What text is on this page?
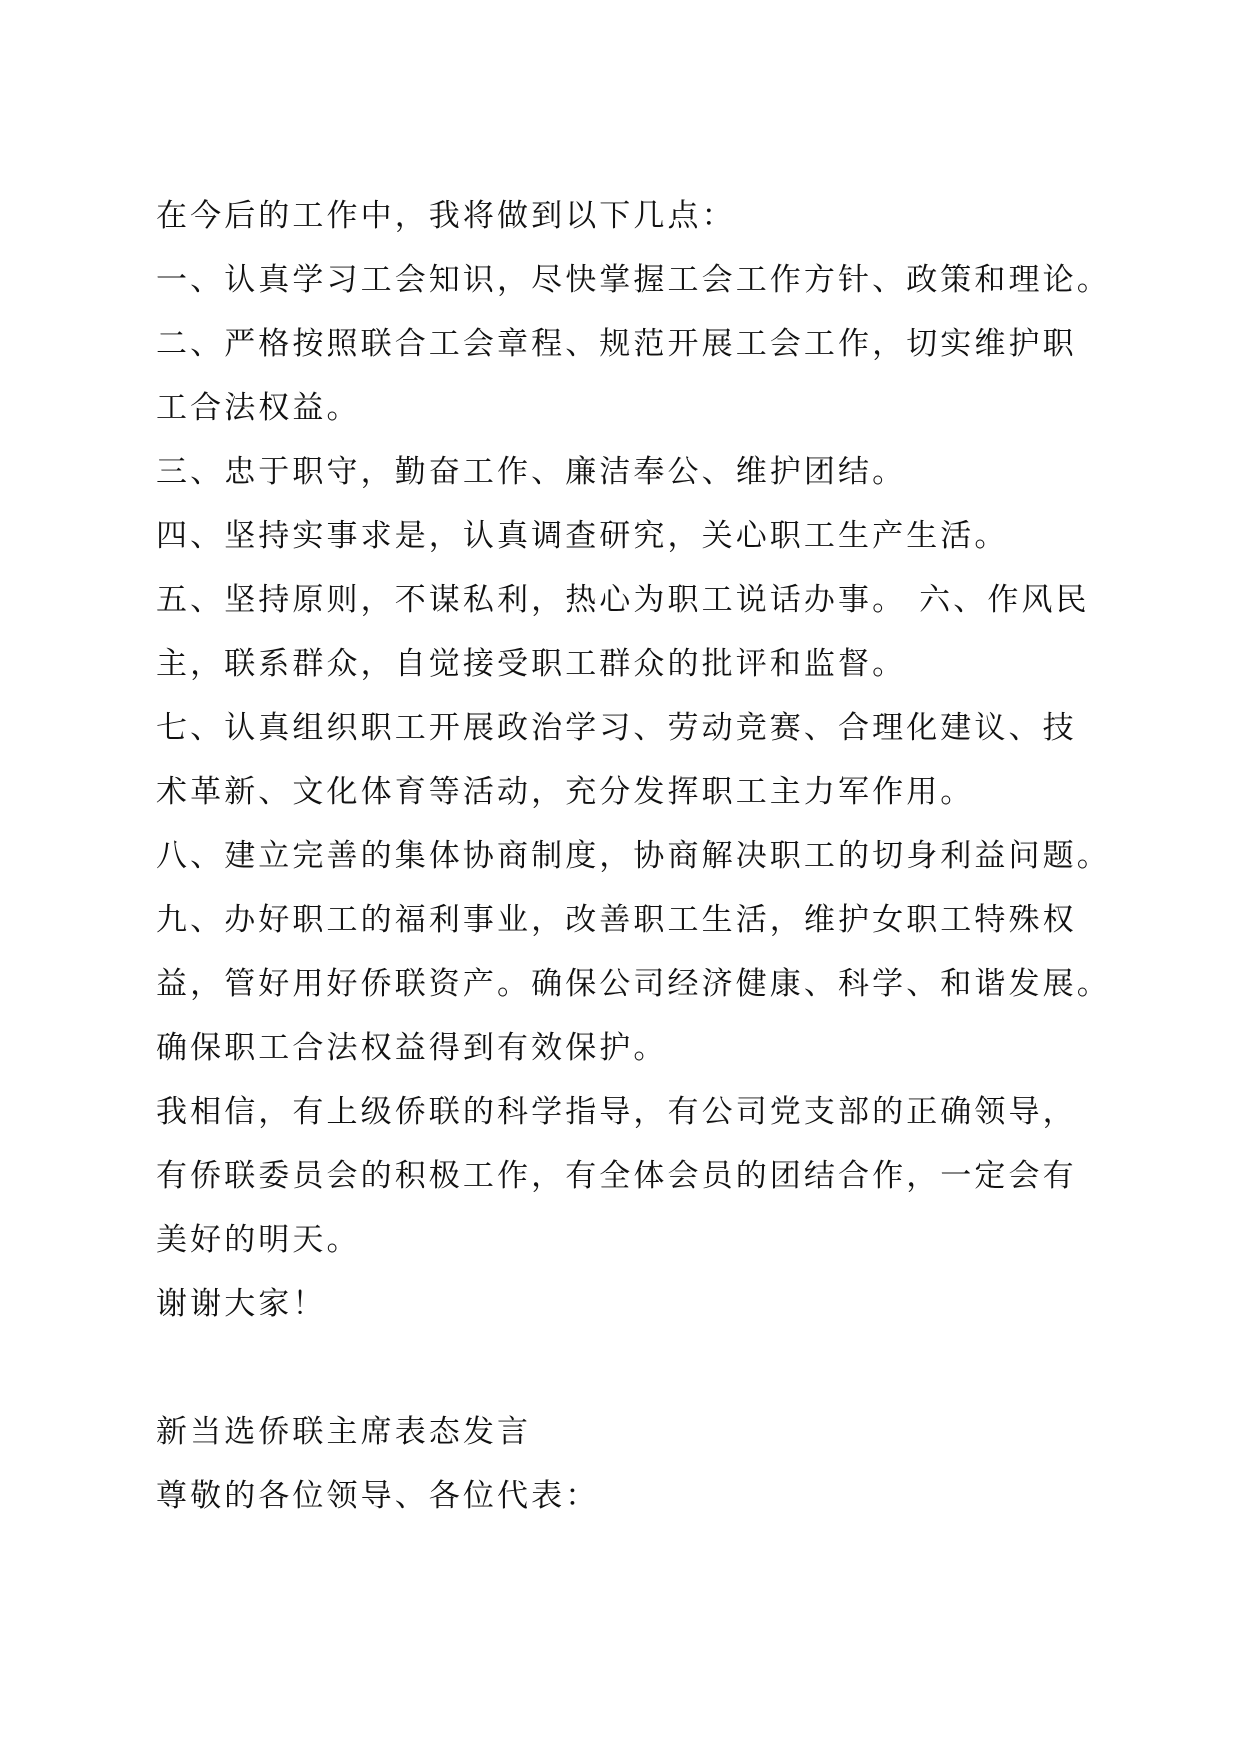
在今后的工作中，我将做到以下几点：
一、认真学习工会知识，尽快掌握工会工作方针、政策和理论。
二、严格按照联合工会章程、规范开展工会工作，切实维护职
工合法权益。
三、忠于职守，勤奋工作、廉洁奉公、维护团结。
四、坚持实事求是，认真调查研究，关心职工生产生活。
五、坚持原则，不谋私利，热心为职工说话办事。 六、作风民
主，联系群众，自觉接受职工群众的批评和监督。
七、认真组织职工开展政治学习、劳动竞赛、合理化建议、技
术革新、文化体育等活动，充分发挥职工主力军作用。
八、建立完善的集体协商制度，协商解决职工的切身利益问题。
九、办好职工的福利事业，改善职工生活，维护女职工特殊权
益，管好用好侨联资产。确保公司经济健康、科学、和谐发展。
确保职工合法权益得到有效保护。
我相信，有上级侨联的科学指导，有公司党支部的正确领导，
有侨联委员会的积极工作，有全体会员的团结合作，一定会有
美好的明天。
谢谢大家！
新当选侨联主席表态发言
尊敬的各位领导、各位代表：
